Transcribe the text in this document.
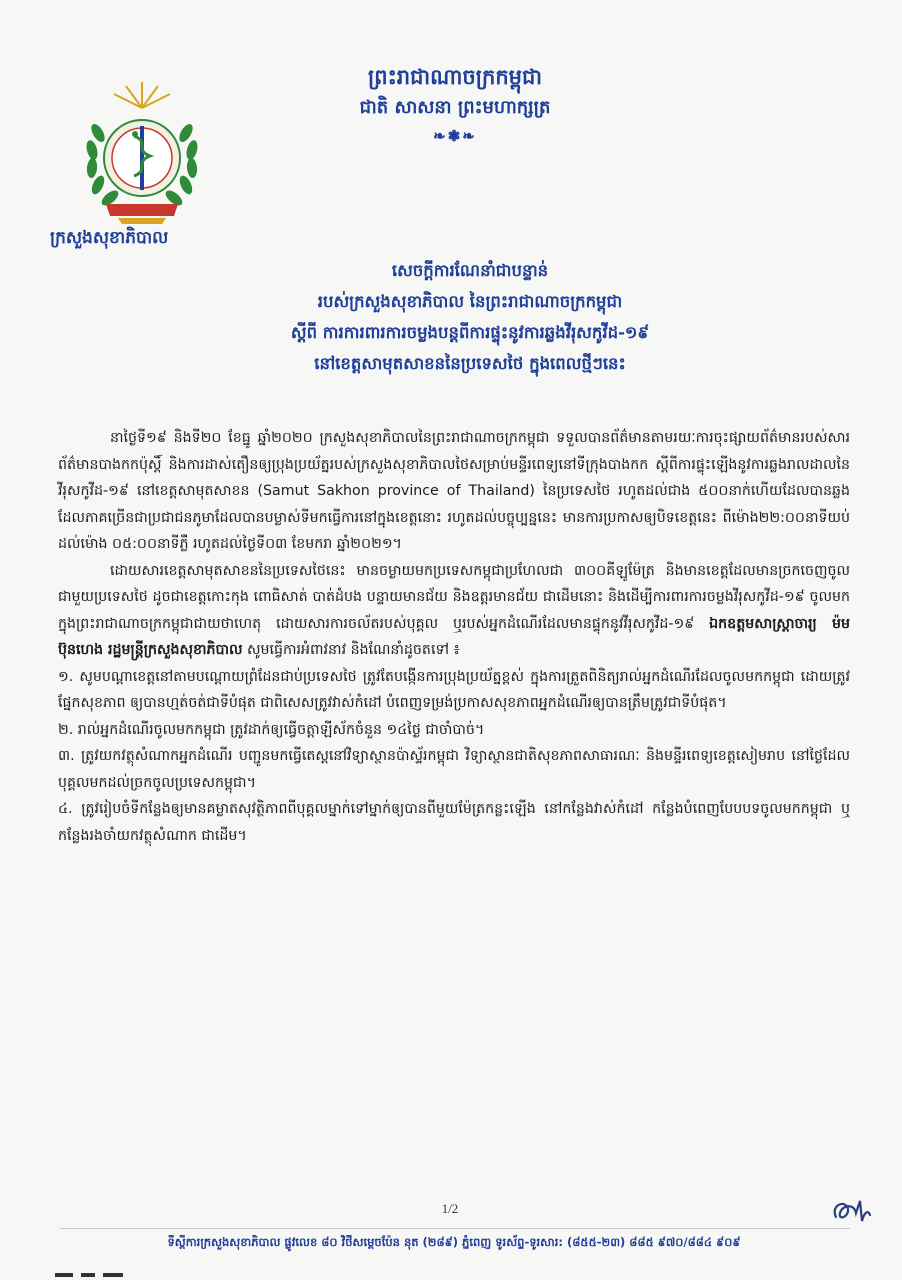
ព្រះរាជាណាចក្រកម្ពុជា
ជាតិ សាសនា ព្រះមហាក្សត្រ
❧❃❧
ក្រសួងសុខាភិបាល
សេចក្តីការណែនាំជាបន្ទាន់
របស់ក្រសួងសុខាភិបាល នៃព្រះរាជាណាចក្រកម្ពុជា
ស្តីពី ការការពារការចម្លងបន្តពីការផ្ទុះនូវការឆ្លងវីរុសកូវីដ-១៩
នៅខេត្តសាមុតសាខននៃប្រទេសថៃ ក្នុងពេលថ្មីៗនេះ

នាថ្ងៃទី១៩ និងទី២០ ខែធ្នូ ឆ្នាំ២០២០ ក្រសួងសុខាភិបាលនៃព្រះរាជាណាចក្រកម្ពុជា ទទួលបានព័ត៌មានតាមរយៈការចុះផ្សាយព័ត៌មានរបស់សារព័ត៌មានបាងកកប៉ុស្ដិ៍ និងការដាស់តឿនឲ្យប្រុងប្រយ័ត្នរបស់ក្រសួងសុខាភិបាលថៃសម្រាប់មន្ទីរពេទ្យនៅទីក្រុងបាងកក ស្តីពីការផ្ទុះឡើងនូវការឆ្លងរាលដាលនៃវីរុសកូវីដ-១៩ នៅខេត្តសាមុតសាខន (Samut Sakhon province of Thailand) នៃប្រទេសថៃ រហូតដល់ជាង ៥០០នាក់ហើយដែលបានឆ្លង ដែលភាគច្រើនជាប្រជាជនភូមាដែលបានបម្លាស់ទីមកធ្វើការនៅក្នុងខេត្តនោះ រហូតដល់បច្ចុប្បន្ននេះ មានការប្រកាសឲ្យបិទខេត្តនេះ ពីម៉ោង២២:០០នាទីយប់ ដល់ម៉ោង ០៥:០០នាទីភ្លឺ រហូតដល់ថ្ងៃទី០៣ ខែមករា ឆ្នាំ២០២១។

ដោយសារខេត្តសាមុតសាខននៃប្រទេសថៃនេះ មានចម្ងាយមកប្រទេសកម្ពុជាប្រហែលជា ៣០០គីឡូម៉ែត្រ និងមានខេត្តដែលមានច្រកចេញចូលជាមួយប្រទេសថៃ ដូចជាខេត្តកោះកុង ពោធិសាត់ បាត់ដំបង បន្ទាយមានជ័យ និងឧត្តរមានជ័យ ជាដើមនោះ និងដើម្បីការពារការចម្លងវីរុសកូវីដ-១៩ ចូលមកក្នុងព្រះរាជាណាចក្រកម្ពុជាជាយថាហេតុ ដោយសារការចល័តរបស់បុគ្គល ឬរបស់អ្នកដំណើរដែលមានផ្ទុកនូវវីរុសកូវីដ-១៩ ឯកឧត្តមសាស្ត្រាចារ្យ ម៉ម ប៊ុនហេង រដ្ឋមន្ត្រីក្រសួងសុខាភិបាល សូមធ្វើការអំពាវនាវ និងណែនាំដូចតទៅ ៖

១. សូមបណ្តាខេត្តនៅតាមបណ្តោយព្រំដែនជាប់ប្រទេសថៃ ត្រូវតែបង្កើនការប្រុងប្រយ័ត្នខ្ពស់ ក្នុងការត្រួតពិនិត្យរាល់អ្នកដំណើរដែលចូលមកកម្ពុជា ដោយត្រូវផ្នែកសុខភាព ឲ្យបានហ្មត់ចត់ជាទីបំផុត ជាពិសេសត្រូវវាស់កំដៅ បំពេញទម្រង់ប្រកាសសុខភាពអ្នកដំណើរឲ្យបានត្រឹមត្រូវជាទីបំផុត។

២. រាល់អ្នកដំណើរចូលមកកម្ពុជា ត្រូវដាក់ឲ្យធ្វើចត្តាឡីស័កចំនួន ១៤ថ្ងៃ ជាចាំបាច់។

៣. ត្រូវយកវត្ថុសំណាកអ្នកដំណើរ បញ្ជូនមកធ្វើតេស្តនៅវិទ្យាស្ថានប៉ាស្ទ័រកម្ពុជា វិទ្យាស្ថានជាតិសុខភាពសាធារណៈ និងមន្ទីរពេទ្យខេត្តសៀមរាប នៅថ្ងៃដែលបុគ្គលមកដល់ច្រកចូលប្រទេសកម្ពុជា។

៤. ត្រូវរៀបចំទីកន្លែងឲ្យមានគម្លាតសុវត្ថិភាពពីបុគ្គលម្នាក់ទៅម្នាក់ឲ្យបានពីមួយម៉ែត្រកន្លះឡើង នៅកន្លែងវាស់កំដៅ កន្លែងបំពេញបែបបទចូលមកកម្ពុជា ឬកន្លែងរងចាំយកវត្ថុសំណាក ជាដើម។

1/2
ទីស្តីការក្រសួងសុខាភិបាល ផ្លូវលេខ ៨០ វិថីសម្តេចប៉ែន នុត (២៨៩) ភ្នំពេញ ទូរស័ព្ទ-ទូរសារ: (៨៥៥-២៣) ៨៨៥ ៩៧០/៨៨៤ ៩០៩
